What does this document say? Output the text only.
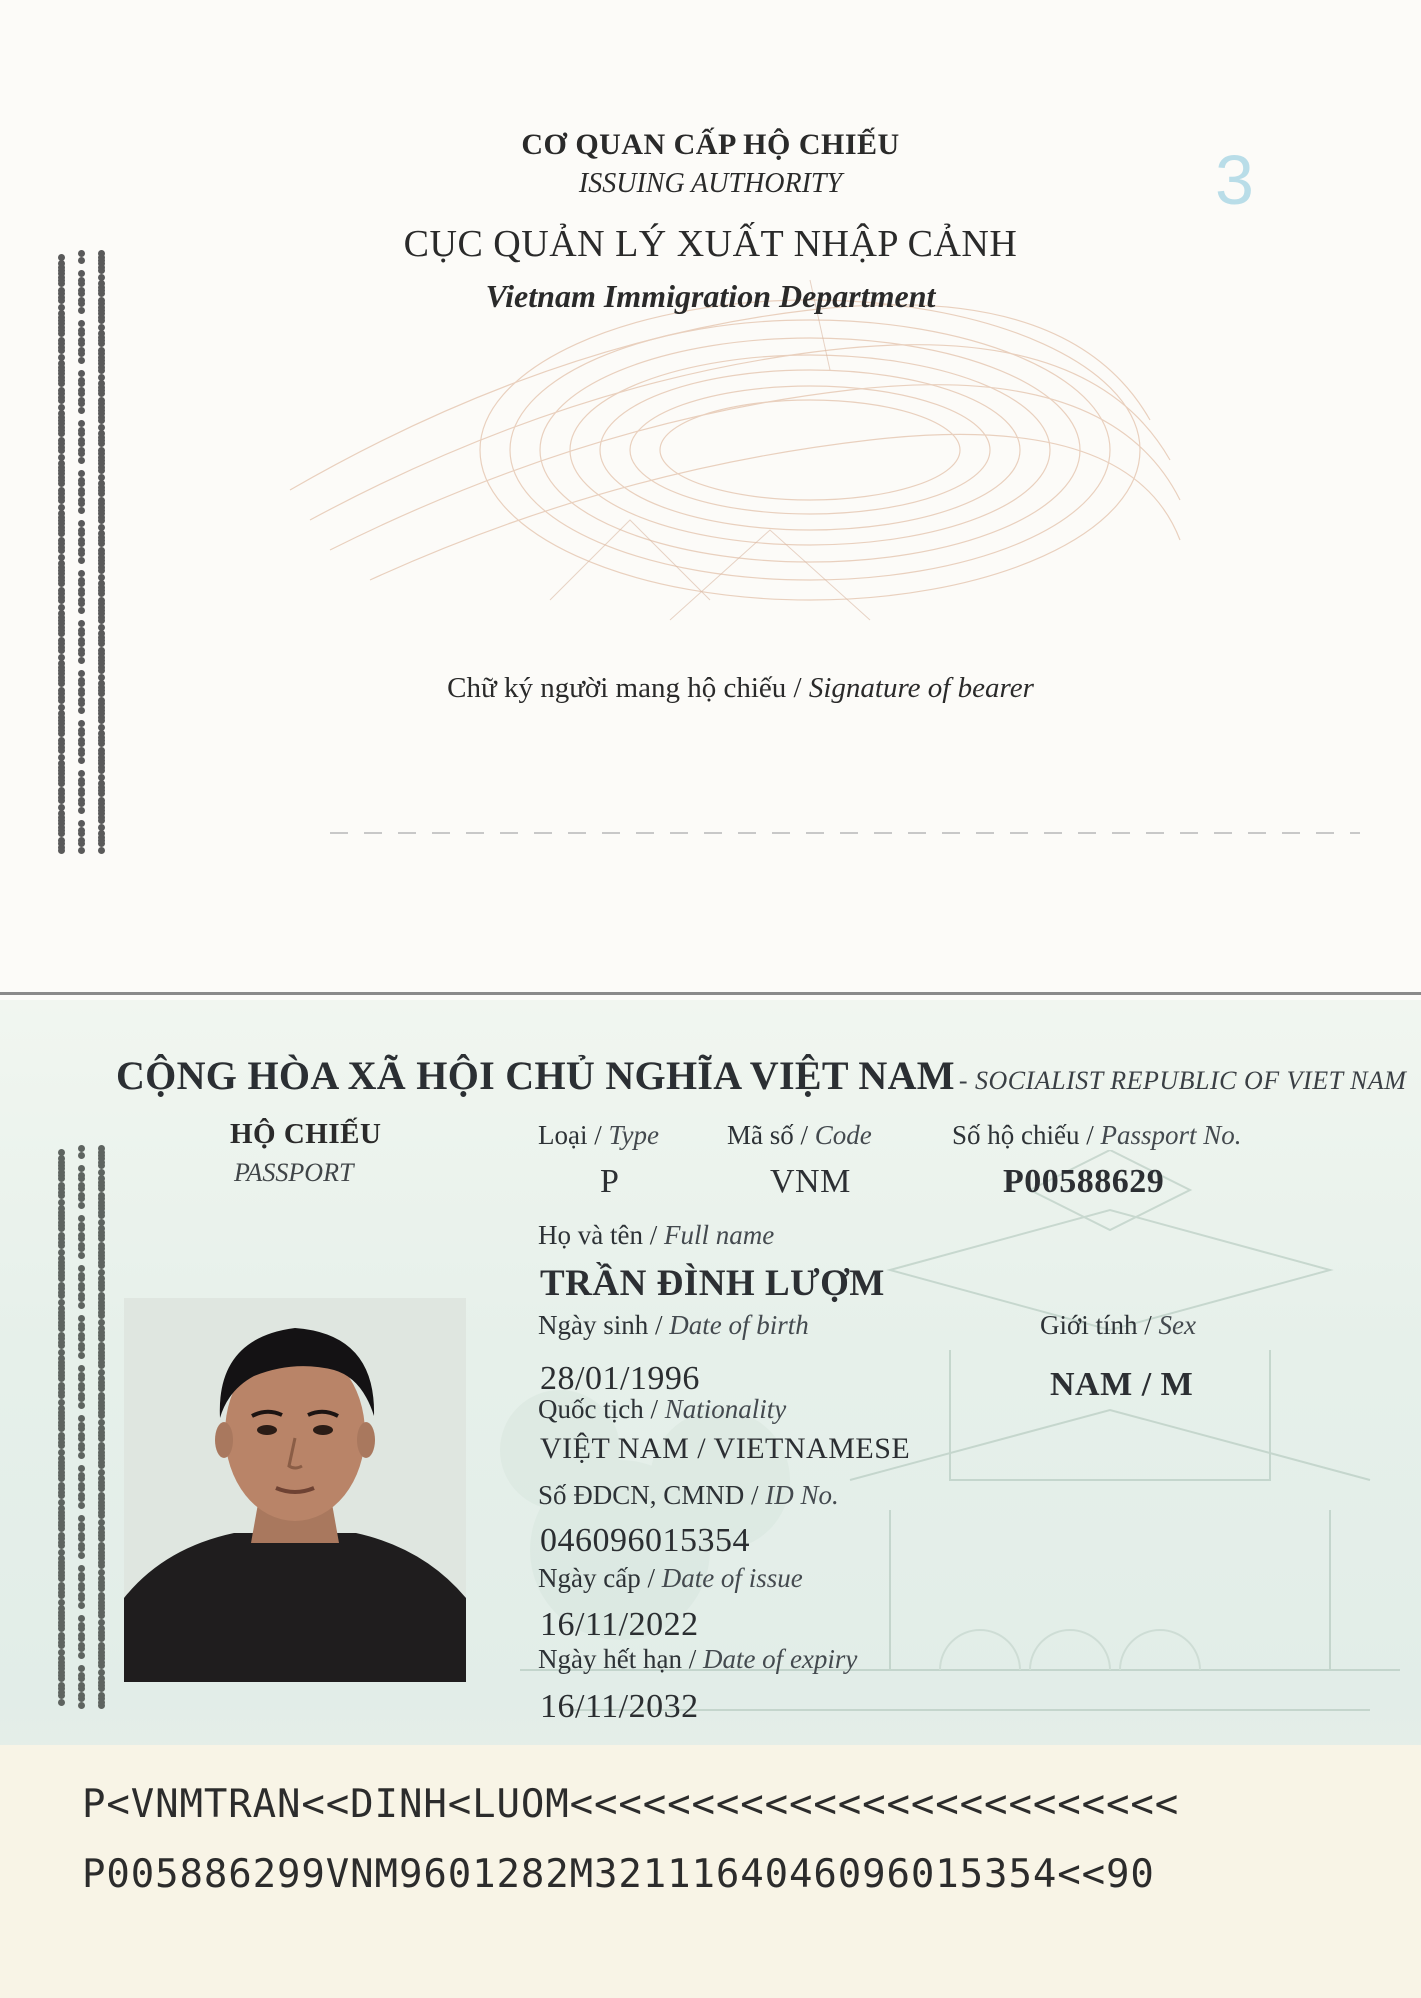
3
CƠ QUAN CẤP HỘ CHIẾU
ISSUING AUTHORITY
CỤC QUẢN LÝ XUẤT NHẬP CẢNH
Vietnam Immigration Department
Chữ ký người mang hộ chiếu / Signature of bearer
CỘNG HÒA XÃ HỘI CHỦ NGHĨA VIỆT NAM - SOCIALIST REPUBLIC OF VIET NAM
HỘ CHIẾU
PASSPORT
Loại / Type
P
Mã số / Code
VNM
Số hộ chiếu / Passport No.
P00588629
Họ và tên / Full name
TRẦN ĐÌNH LƯỢM
Ngày sinh / Date of birth
28/01/1996
Giới tính / Sex
NAM / M
Quốc tịch / Nationality
VIỆT NAM / VIETNAMESE
Số ĐDCN, CMND / ID No.
046096015354
Ngày cấp / Date of issue
16/11/2022
Ngày hết hạn / Date of expiry
16/11/2032
P<VNMTRAN<<DINH<LUOM<<<<<<<<<<<<<<<<<<<<<<<<<
P005886299VNM9601282M3211164046096015354<<90
